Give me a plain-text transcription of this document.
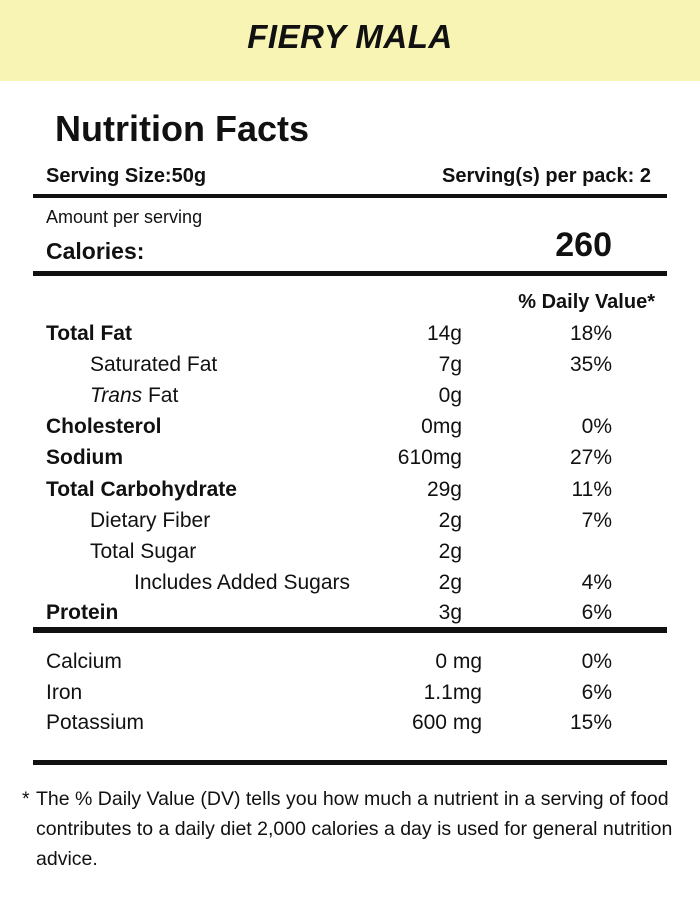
FIERY MALA
Nutrition Facts
Serving Size:50g	Serving(s) per pack: 2
Amount per serving
Calories:	260
% Daily Value*
Total Fat	14g	18%
Saturated Fat	7g	35%
Trans Fat	0g
Cholesterol	0mg	0%
Sodium	610mg	27%
Total Carbohydrate	29g	11%
Dietary Fiber	2g	7%
Total Sugar	2g
Includes Added Sugars	2g	4%
Protein	3g	6%
Calcium	0 mg	0%
Iron	1.1mg	6%
Potassium	600 mg	15%
* The % Daily Value (DV) tells you how much a nutrient in a serving of food contributes to a daily diet 2,000 calories a day is used for general nutrition advice.
